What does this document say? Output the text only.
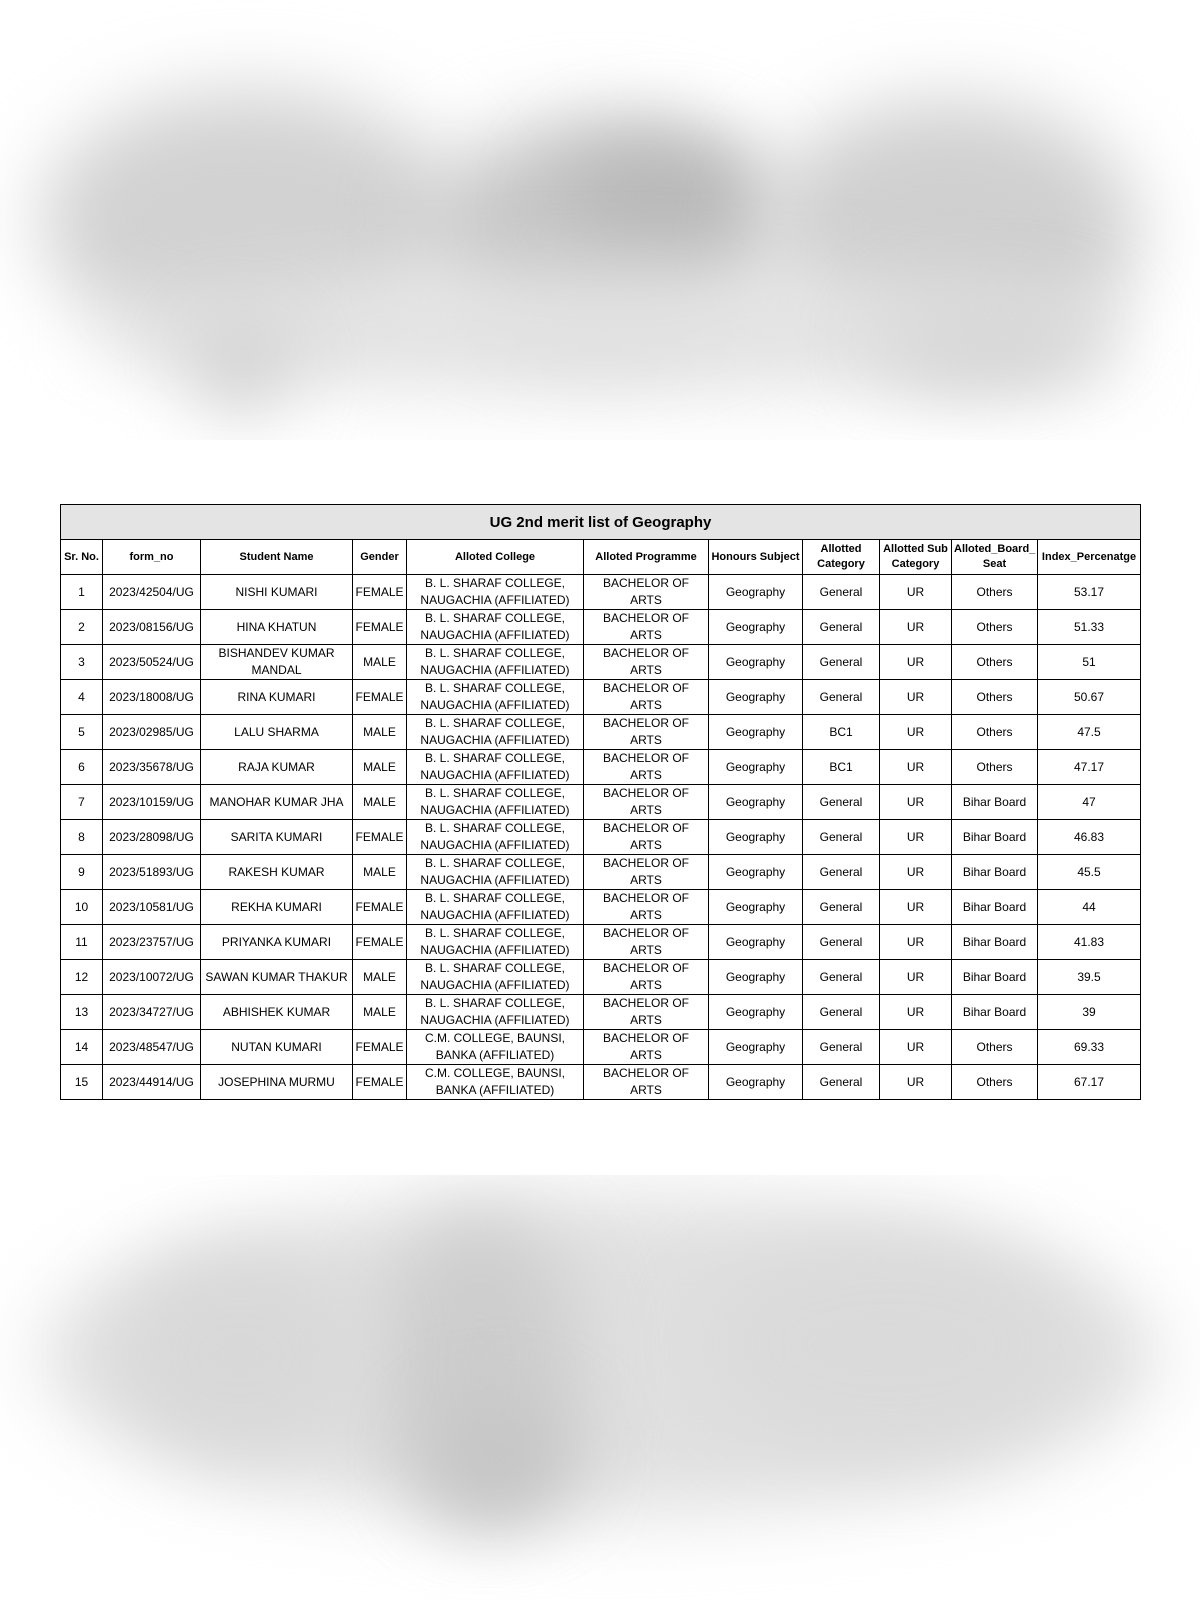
UG 2nd merit list of Geography										
Sr. No.	form_no	Student Name	Gender	Alloted College	Alloted Programme	Honours Subject	Allotted Category	Allotted Sub Category	Alloted_Board_ Seat	Index_Percenatge
1	2023/42504/UG	NISHI KUMARI	FEMALE	B. L. SHARAF COLLEGE, NAUGACHIA (AFFILIATED)	BACHELOR OF ARTS	Geography	General	UR	Others	53.17
2	2023/08156/UG	HINA KHATUN	FEMALE	B. L. SHARAF COLLEGE, NAUGACHIA (AFFILIATED)	BACHELOR OF ARTS	Geography	General	UR	Others	51.33
3	2023/50524/UG	BISHANDEV KUMAR MANDAL	MALE	B. L. SHARAF COLLEGE, NAUGACHIA (AFFILIATED)	BACHELOR OF ARTS	Geography	General	UR	Others	51
4	2023/18008/UG	RINA KUMARI	FEMALE	B. L. SHARAF COLLEGE, NAUGACHIA (AFFILIATED)	BACHELOR OF ARTS	Geography	General	UR	Others	50.67
5	2023/02985/UG	LALU SHARMA	MALE	B. L. SHARAF COLLEGE, NAUGACHIA (AFFILIATED)	BACHELOR OF ARTS	Geography	BC1	UR	Others	47.5
6	2023/35678/UG	RAJA KUMAR	MALE	B. L. SHARAF COLLEGE, NAUGACHIA (AFFILIATED)	BACHELOR OF ARTS	Geography	BC1	UR	Others	47.17
7	2023/10159/UG	MANOHAR KUMAR JHA	MALE	B. L. SHARAF COLLEGE, NAUGACHIA (AFFILIATED)	BACHELOR OF ARTS	Geography	General	UR	Bihar Board	47
8	2023/28098/UG	SARITA KUMARI	FEMALE	B. L. SHARAF COLLEGE, NAUGACHIA (AFFILIATED)	BACHELOR OF ARTS	Geography	General	UR	Bihar Board	46.83
9	2023/51893/UG	RAKESH KUMAR	MALE	B. L. SHARAF COLLEGE, NAUGACHIA (AFFILIATED)	BACHELOR OF ARTS	Geography	General	UR	Bihar Board	45.5
10	2023/10581/UG	REKHA KUMARI	FEMALE	B. L. SHARAF COLLEGE, NAUGACHIA (AFFILIATED)	BACHELOR OF ARTS	Geography	General	UR	Bihar Board	44
11	2023/23757/UG	PRIYANKA KUMARI	FEMALE	B. L. SHARAF COLLEGE, NAUGACHIA (AFFILIATED)	BACHELOR OF ARTS	Geography	General	UR	Bihar Board	41.83
12	2023/10072/UG	SAWAN KUMAR THAKUR	MALE	B. L. SHARAF COLLEGE, NAUGACHIA (AFFILIATED)	BACHELOR OF ARTS	Geography	General	UR	Bihar Board	39.5
13	2023/34727/UG	ABHISHEK KUMAR	MALE	B. L. SHARAF COLLEGE, NAUGACHIA (AFFILIATED)	BACHELOR OF ARTS	Geography	General	UR	Bihar Board	39
14	2023/48547/UG	NUTAN KUMARI	FEMALE	C.M. COLLEGE, BAUNSI, BANKA (AFFILIATED)	BACHELOR OF ARTS	Geography	General	UR	Others	69.33
15	2023/44914/UG	JOSEPHINA MURMU	FEMALE	C.M. COLLEGE, BAUNSI, BANKA (AFFILIATED)	BACHELOR OF ARTS	Geography	General	UR	Others	67.17
